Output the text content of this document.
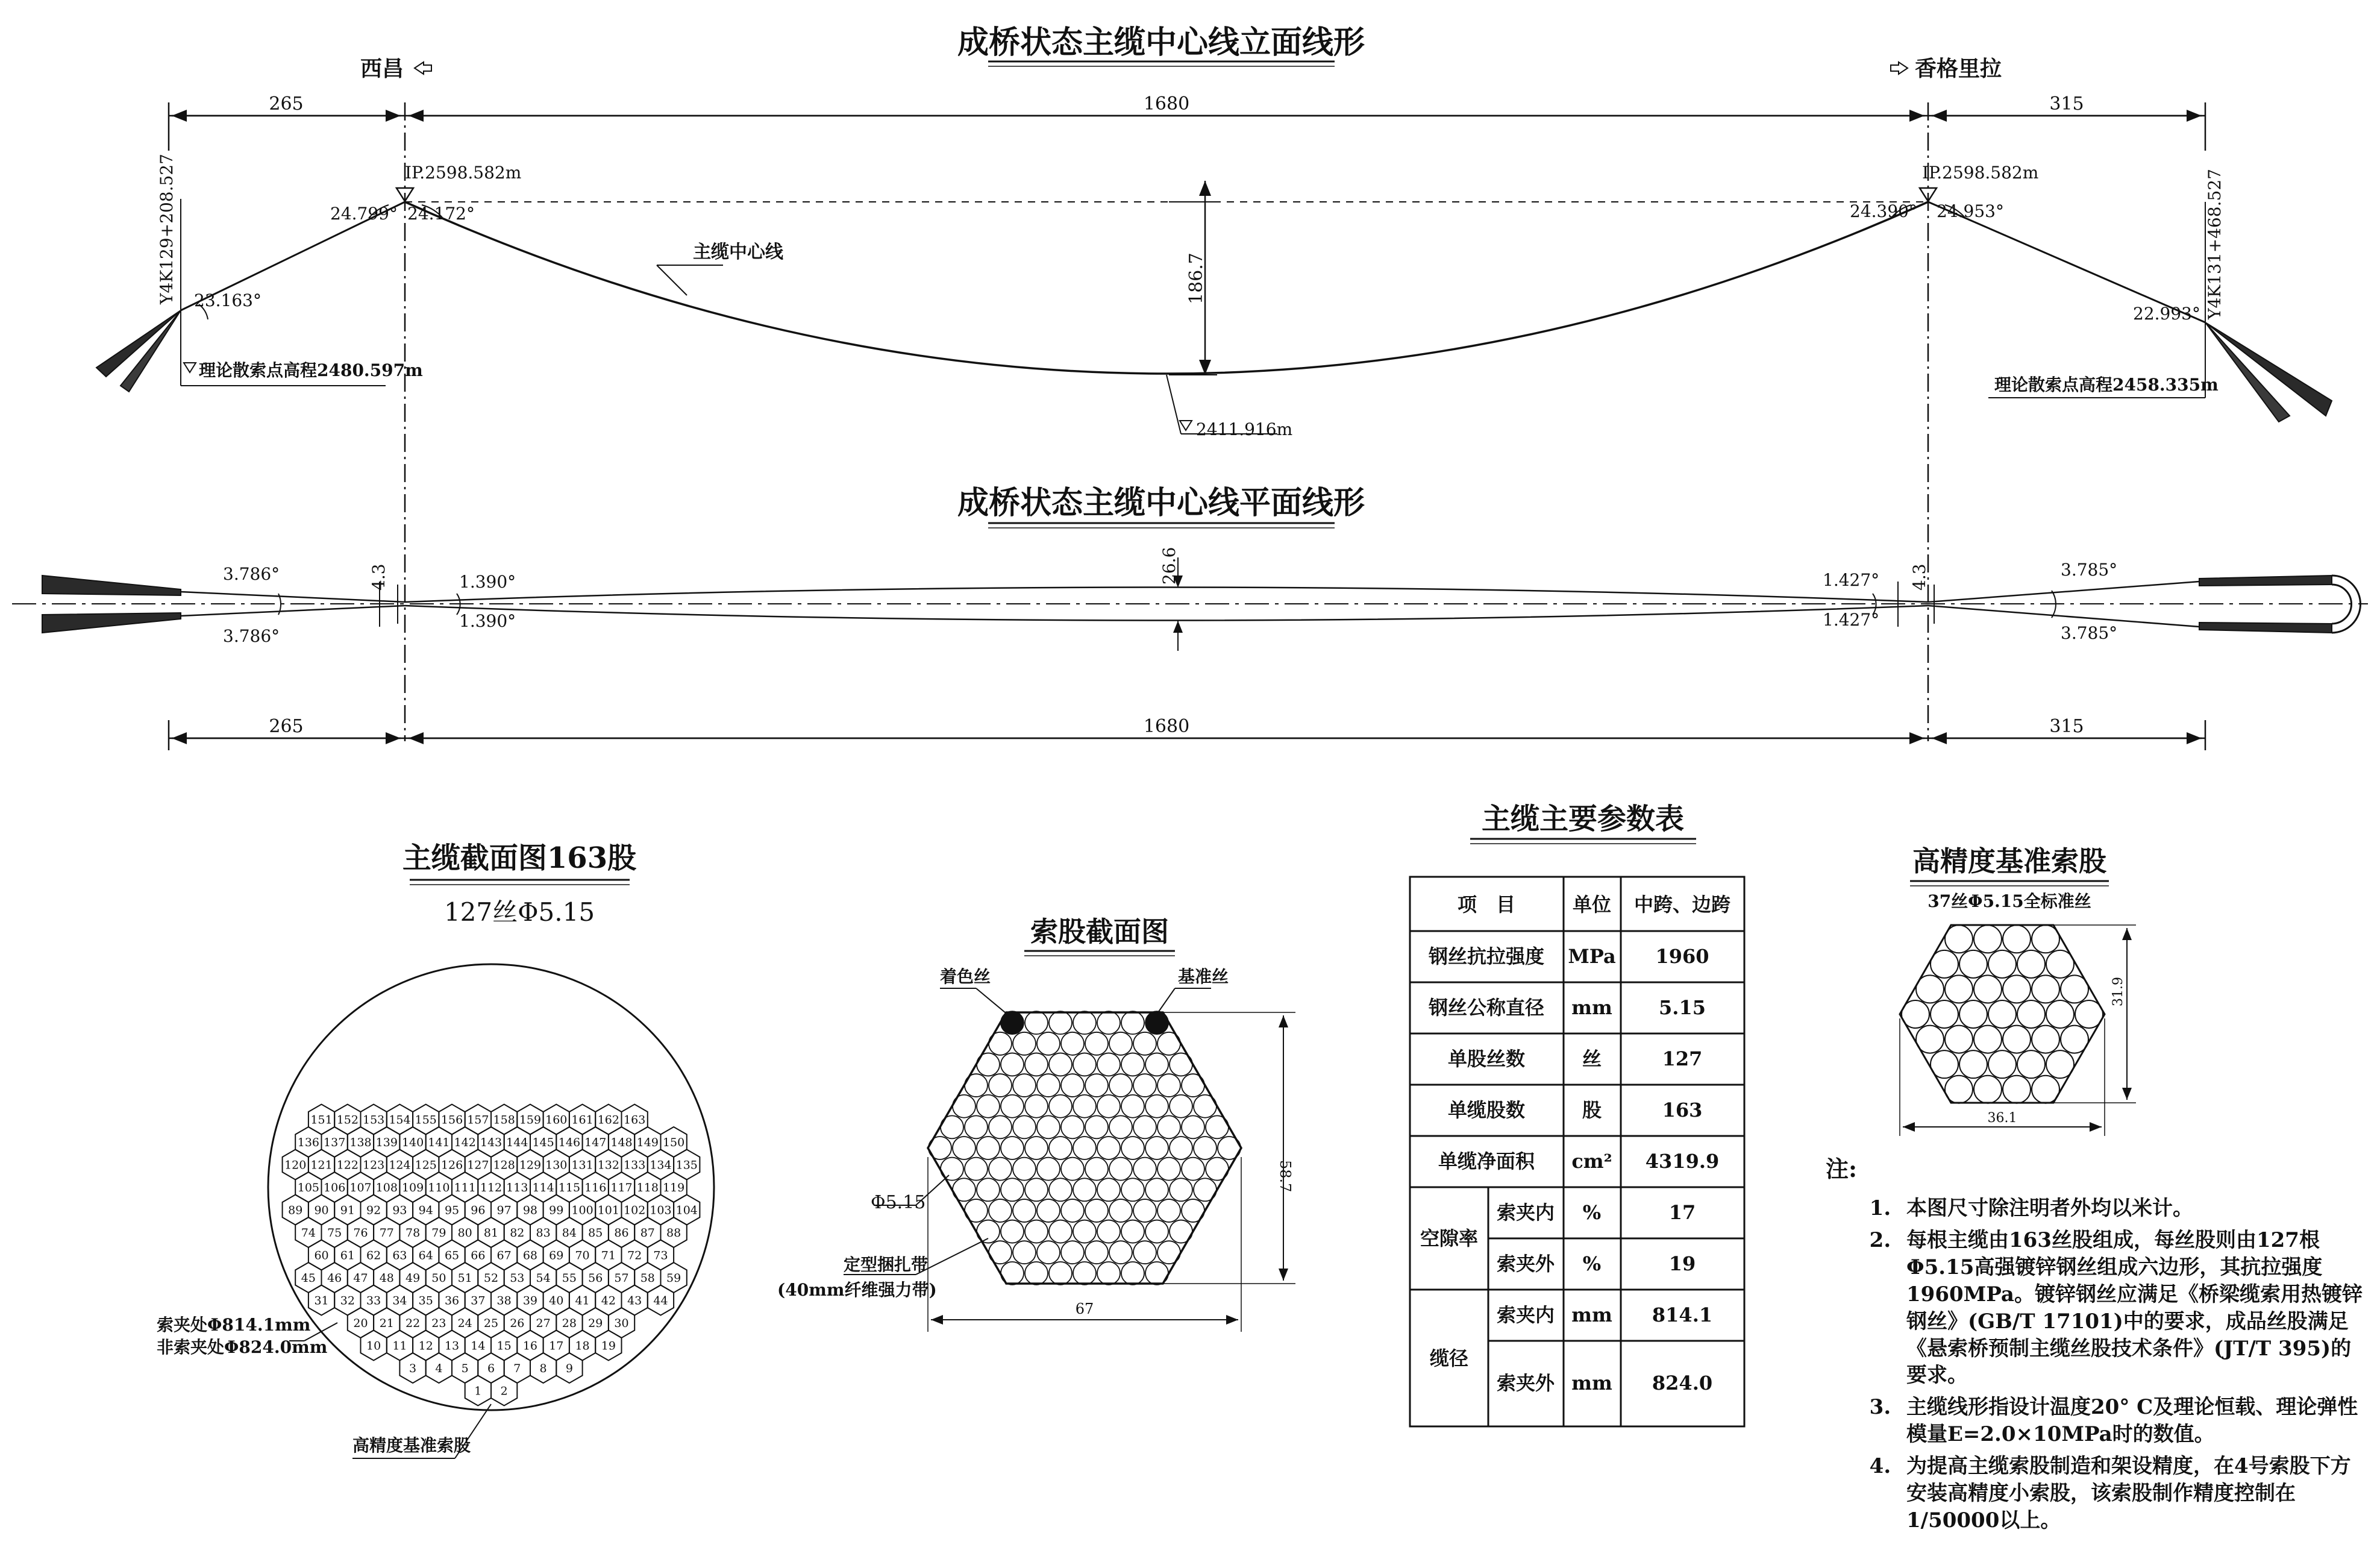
1 2
3 4 5 6 7 8 9
10 11 12 13 14 15 16 17 18 19
20 21 22 23 24 25 26 27 28 29 30
31 32 33 34 35 36 37 38 39 40 41 42 43 44
45 46 47 48 49 50 51 52 53 54 55 56 57 58 59
60 61 62 63 64 65 66 67 68 69 70 71 72 73
74 75 76 77 78 79 80 81 82 83 84 85 86 87 88
89 90 91 92 93 94 95 96 97 98 99 100 101 102 103 104
105 106 107 108 109 110 111 112 113 114 115 116 117 118 119
120 121 122 123 124 125 126 127 128 129 130 131 132 133 134 135
136 137 138 139 140 141 142 143 144 145 146 147 148 149 150
151 152 153 154 155 156 157 158 159 160 161 162 163
成桥状态主缆中心线立面线形
西昌	香格里拉
265	1680	315
IP.2598.582m	IP.2598.582m
24.799° 24.172°	24.390° 24.953°
23.163°
22.993°
Y4K129+208.527	Y4K131+468.527
理论散索点高程2480.597m
理论散索点高程2458.335m
主缆中心线
186.7
2411.916m
成桥状态主缆中心线平面线形
3.786°
3.786°
4.3	4.3
1.390°
1.390°
26.6	1.427°
1.427°
3.785°
3.785°
265	1680	315
主缆截面图163股
127丝Φ5.15
索夹处Φ814.1mm
非索夹处Φ824.0mm
高精度基准索股
索股截面图
着色丝	基准丝
Φ5.15
定型捆扎带
(40mm纤维强力带)
67
58.7
高精度基准索股
37丝Φ5.15全标准丝
36.1
31.9
主缆主要参数表
项　目	单位 中跨、边跨
钢丝抗拉强度 MPa 1960
钢丝公称直径 mm 5.15
单股丝数	丝	127
单缆股数	股	163
单缆净面积 cm² 4319.9
空隙率
索夹内 %	17
索夹外 %	19
缆径
索夹内 mm 814.1
索夹外 mm 824.0
注:
1. 本图尺寸除注明者外均以米计。
2. 每根主缆由163丝股组成，每丝股则由127根Φ5.15高强镀锌钢丝组成六边形，其抗拉强度1960MPa。镀锌钢丝应满足《桥梁缆索用热镀锌钢丝》(GB/T 17101)中的要求，成品丝股满足《悬索桥预制主缆丝股技术条件》(JT/T 395)的要求。
3. 主缆线形指设计温度20° C及理论恒载、理论弹性模量E=2.0×10MPa时的数值。
4. 为提高主缆索股制造和架设精度，在4号索股下方安装高精度小索股，该索股制作精度控制在1/50000以上。
